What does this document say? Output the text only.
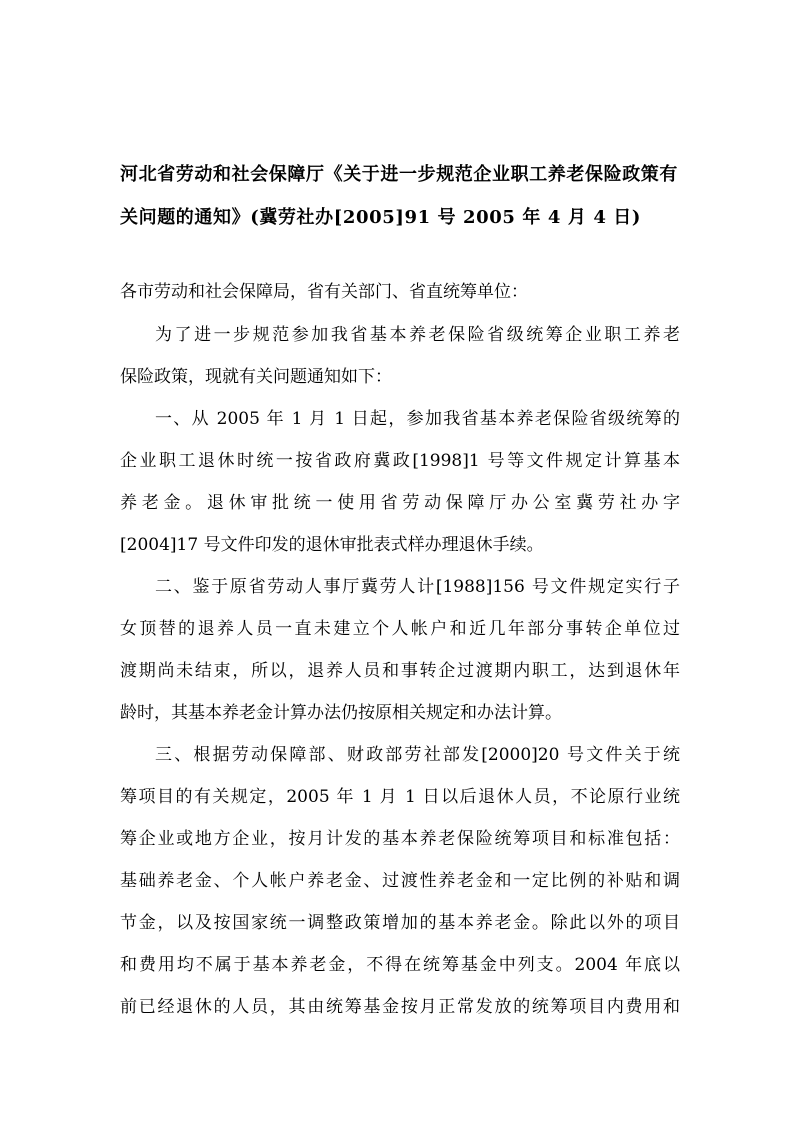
河北省劳动和社会保障厅《关于进一步规范企业职工养老保险政策有
关问题的通知》(冀劳社办[2005]91 号 2005 年 4 月 4 日)
各市劳动和社会保障局，省有关部门、省直统筹单位：
为了进一步规范参加我省基本养老保险省级统筹企业职工养老
保险政策，现就有关问题通知如下：
一、从 2005 年 1 月 1 日起，参加我省基本养老保险省级统筹的
企业职工退休时统一按省政府冀政[1998]1 号等文件规定计算基本
养老金。退休审批统一使用省劳动保障厅办公室冀劳社办字
[2004]17 号文件印发的退休审批表式样办理退休手续。
二、鉴于原省劳动人事厅冀劳人计[1988]156 号文件规定实行子
女顶替的退养人员一直未建立个人帐户和近几年部分事转企单位过
渡期尚未结束，所以，退养人员和事转企过渡期内职工，达到退休年
龄时，其基本养老金计算办法仍按原相关规定和办法计算。
三、根据劳动保障部、财政部劳社部发[2000]20 号文件关于统
筹项目的有关规定，2005 年 1 月 1 日以后退休人员，不论原行业统
筹企业或地方企业，按月计发的基本养老保险统筹项目和标准包括：
基础养老金、个人帐户养老金、过渡性养老金和一定比例的补贴和调
节金，以及按国家统一调整政策增加的基本养老金。除此以外的项目
和费用均不属于基本养老金，不得在统筹基金中列支。2004 年底以
前已经退休的人员，其由统筹基金按月正常发放的统筹项目内费用和
